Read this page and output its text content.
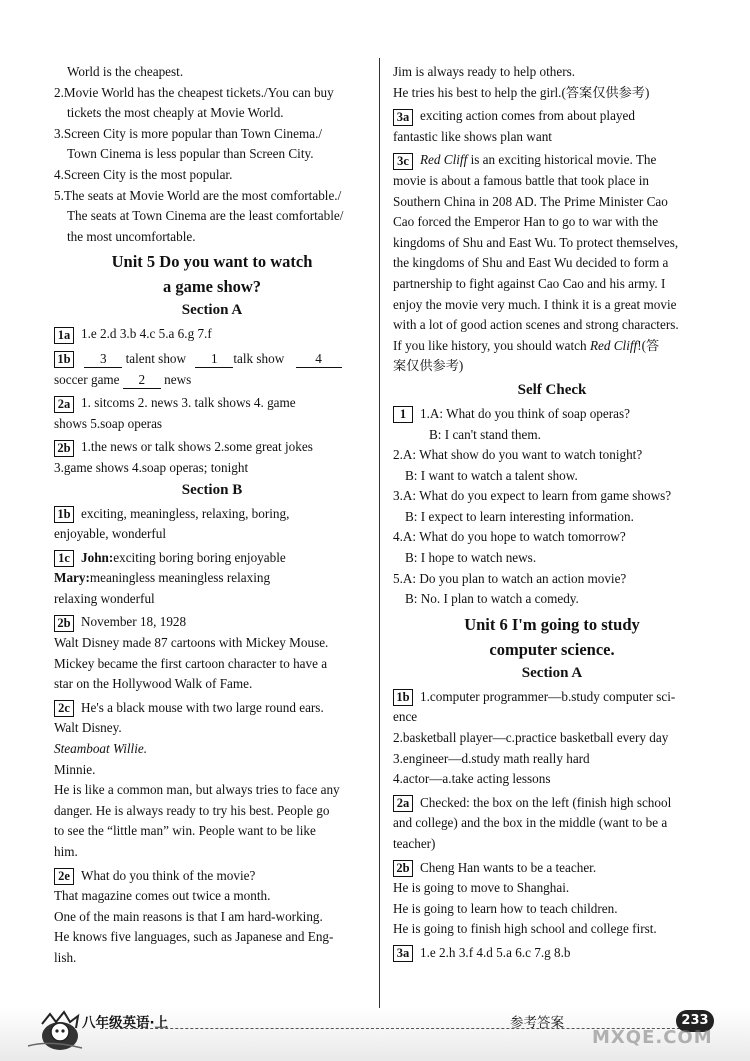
World is the cheapest.
2.Movie World has the cheapest tickets./You can buy
tickets the most cheaply at Movie World.
3.Screen City is more popular than Town Cinema./
Town Cinema is less popular than Screen City.
4.Screen City is the most popular.
5.The seats at Movie World are the most comfortable./
The seats at Town Cinema are the least comfortable/
the most uncomfortable.
Unit 5 Do you want to watch
a game show?
Section A
1a 1.e 2.d 3.b 4.c 5.a 6.g 7.f
1b 3 talent show 1 talk show 4
soccer game 2 news
2a 1. sitcoms 2. news 3. talk shows 4. game
shows 5.soap operas
2b 1.the news or talk shows 2.some great jokes
3.game shows 4.soap operas; tonight
Section B
1b exciting, meaningless, relaxing, boring,
enjoyable, wonderful
1c John:exciting boring boring enjoyable
Mary:meaningless meaningless relaxing
relaxing wonderful
2b November 18, 1928
Walt Disney made 87 cartoons with Mickey Mouse.
Mickey became the first cartoon character to have a
star on the Hollywood Walk of Fame.
2c He's a black mouse with two large round ears.
Walt Disney.
Steamboat Willie.
Minnie.
He is like a common man, but always tries to face any
danger. He is always ready to try his best. People go
to see the “little man” win. People want to be like
him.
2e What do you think of the movie?
That magazine comes out twice a month.
One of the main reasons is that I am hard-working.
He knows five languages, such as Japanese and Eng-
lish.
Jim is always ready to help others.
He tries his best to help the girl.(答案仅供参考)
3a exciting action comes from about played
fantastic like shows plan want
3c Red Cliff is an exciting historical movie. The
movie is about a famous battle that took place in
Southern China in 208 AD. The Prime Minister Cao
Cao forced the Emperor Han to go to war with the
kingdoms of Shu and East Wu. To protect themselves,
the kingdoms of Shu and East Wu decided to form a
partnership to fight against Cao Cao and his army. I
enjoy the movie very much. I think it is a great movie
with a lot of good action scenes and strong characters.
If you like history, you should watch Red Cliff!(答
案仅供参考)
Self Check
1 1.A: What do you think of soap operas?
B: I can't stand them.
2.A: What show do you want to watch tonight?
B: I want to watch a talent show.
3.A: What do you expect to learn from game shows?
B: I expect to learn interesting information.
4.A: What do you hope to watch tomorrow?
B: I hope to watch news.
5.A: Do you plan to watch an action movie?
B: No. I plan to watch a comedy.
Unit 6 I'm going to study
computer science.
Section A
1b 1.computer programmer—b.study computer sci-
ence
2.basketball player—c.practice basketball every day
3.engineer—d.study math really hard
4.actor—a.take acting lessons
2a Checked: the box on the left (finish high school
and college) and the box in the middle (want to be a
teacher)
2b Cheng Han wants to be a teacher.
He is going to move to Shanghai.
He is going to learn how to teach children.
He is going to finish high school and college first.
3a 1.e 2.h 3.f 4.d 5.a 6.c 7.g 8.b
八年级英语·上	参考答案	233
MXQE.COM
